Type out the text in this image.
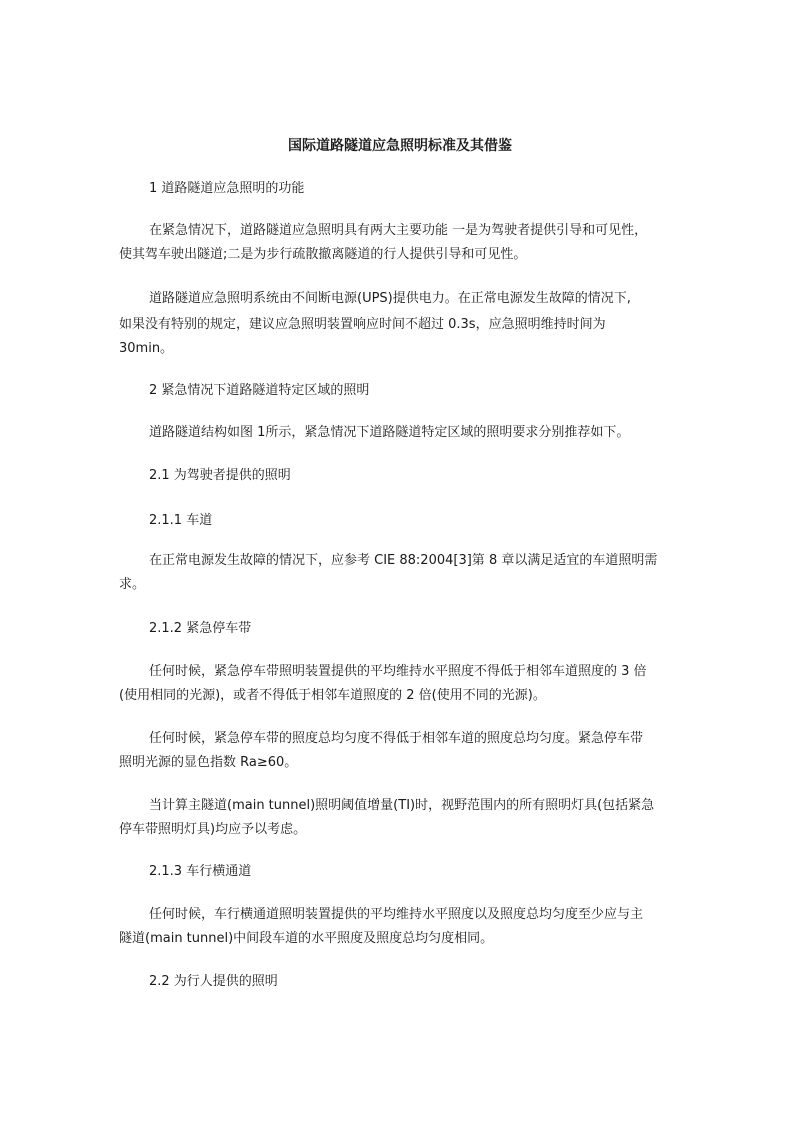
国际道路隧道应急照明标准及其借鉴
1 道路隧道应急照明的功能
在紧急情况下，道路隧道应急照明具有两大主要功能 一是为驾驶者提供引导和可见性，
使其驾车驶出隧道;二是为步行疏散撤离隧道的行人提供引导和可见性。
道路隧道应急照明系统由不间断电源(UPS)提供电力。在正常电源发生故障的情况下,
如果没有特别的规定，建议应急照明装置响应时间不超过 0.3s，应急照明维持时间为
30min。
2 紧急情况下道路隧道特定区域的照明
道路隧道结构如图 1所示，紧急情况下道路隧道特定区域的照明要求分别推荐如下。
2.1 为驾驶者提供的照明
2.1.1 车道
在正常电源发生故障的情况下，应参考 CIE 88:2004[3]第 8 章以满足适宜的车道照明需
求。
2.1.2 紧急停车带
任何时候，紧急停车带照明装置提供的平均维持水平照度不得低于相邻车道照度的 3 倍
(使用相同的光源)，或者不得低于相邻车道照度的 2 倍(使用不同的光源)。
任何时候，紧急停车带的照度总均匀度不得低于相邻车道的照度总均匀度。紧急停车带
照明光源的显色指数 Ra≥60。
当计算主隧道(main tunnel)照明阈值增量(TI)时，视野范围内的所有照明灯具(包括紧急
停车带照明灯具)均应予以考虑。
2.1.3 车行横通道
任何时候，车行横通道照明装置提供的平均维持水平照度以及照度总均匀度至少应与主
隧道(main tunnel)中间段车道的水平照度及照度总均匀度相同。
2.2 为行人提供的照明
